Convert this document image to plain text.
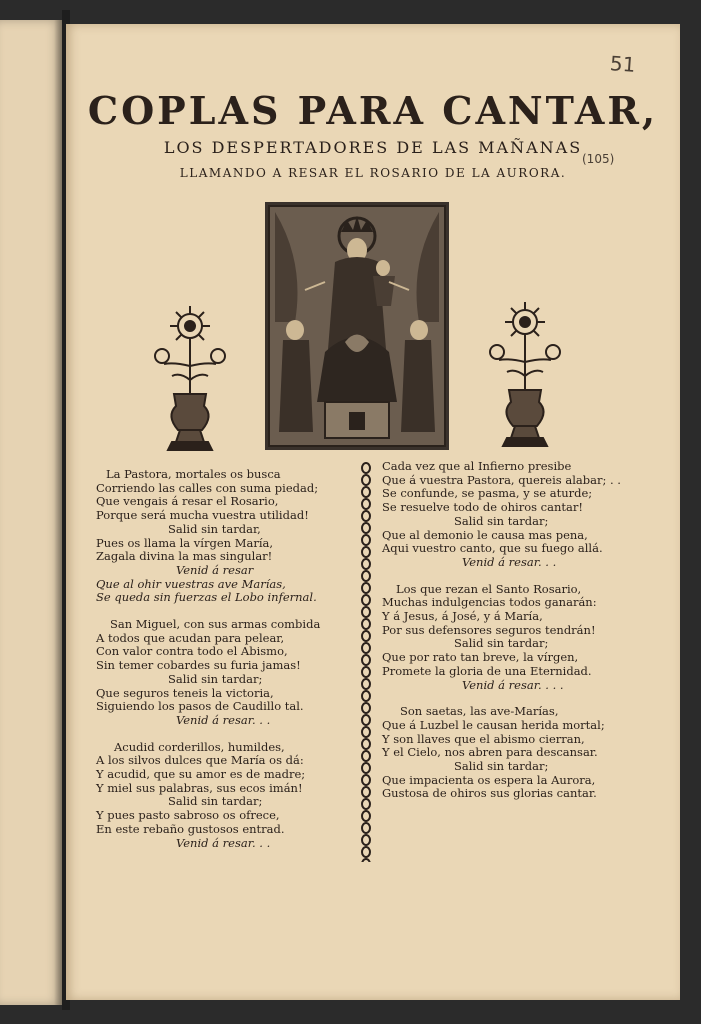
51
(105)
COPLAS PARA CANTAR,
LOS DESPERTADORES DE LAS MAÑANAS
LLAMANDO A RESAR EL ROSARIO DE LA AURORA.
La Pastora, mortales os busca
Corriendo las calles con suma piedad;
Que vengais á resar el Rosario,
Porque será mucha vuestra utilidad!
Salid sin tardar,
Pues os llama la vírgen María,
Zagala divina la mas singular!
Venid á resar
Que al ohir vuestras ave Marías,
Se queda sin fuerzas el Lobo infernal.
San Miguel, con sus armas combida
A todos que acudan para pelear,
Con valor contra todo el Abismo,
Sin temer cobardes su furia jamas!
Salid sin tardar;
Que seguros teneis la victoria,
Siguiendo los pasos de Caudillo tal.
Venid á resar. . .
Acudid corderillos, humildes,
A los silvos dulces que María os dá:
Y acudid, que su amor es de madre;
Y miel sus palabras, sus ecos imán!
Salid sin tardar;
Y pues pasto sabroso os ofrece,
En este rebaño gustosos entrad.
Venid á resar. . .
Cada vez que al Infierno presibe
Que á vuestra Pastora, quereis alabar; . .
Se confunde, se pasma, y se aturde;
Se resuelve todo de ohiros cantar!
Salid sin tardar;
Que al demonio le causa mas pena,
Aqui vuestro canto, que su fuego allá.
Venid á resar. . .
Los que rezan el Santo Rosario,
Muchas indulgencias todos ganarán:
Y á Jesus, á José, y á María,
Por sus defensores seguros tendrán!
Salid sin tardar;
Que por rato tan breve, la vírgen,
Promete la gloria de una Eternidad.
Venid á resar. . . .
Son saetas, las ave-Marías,
Que á Luzbel le causan herida mortal;
Y son llaves que el abismo cierran,
Y el Cielo, nos abren para descansar.
Salid sin tardar;
Que impacienta os espera la Aurora,
Gustosa de ohiros sus glorias cantar.
